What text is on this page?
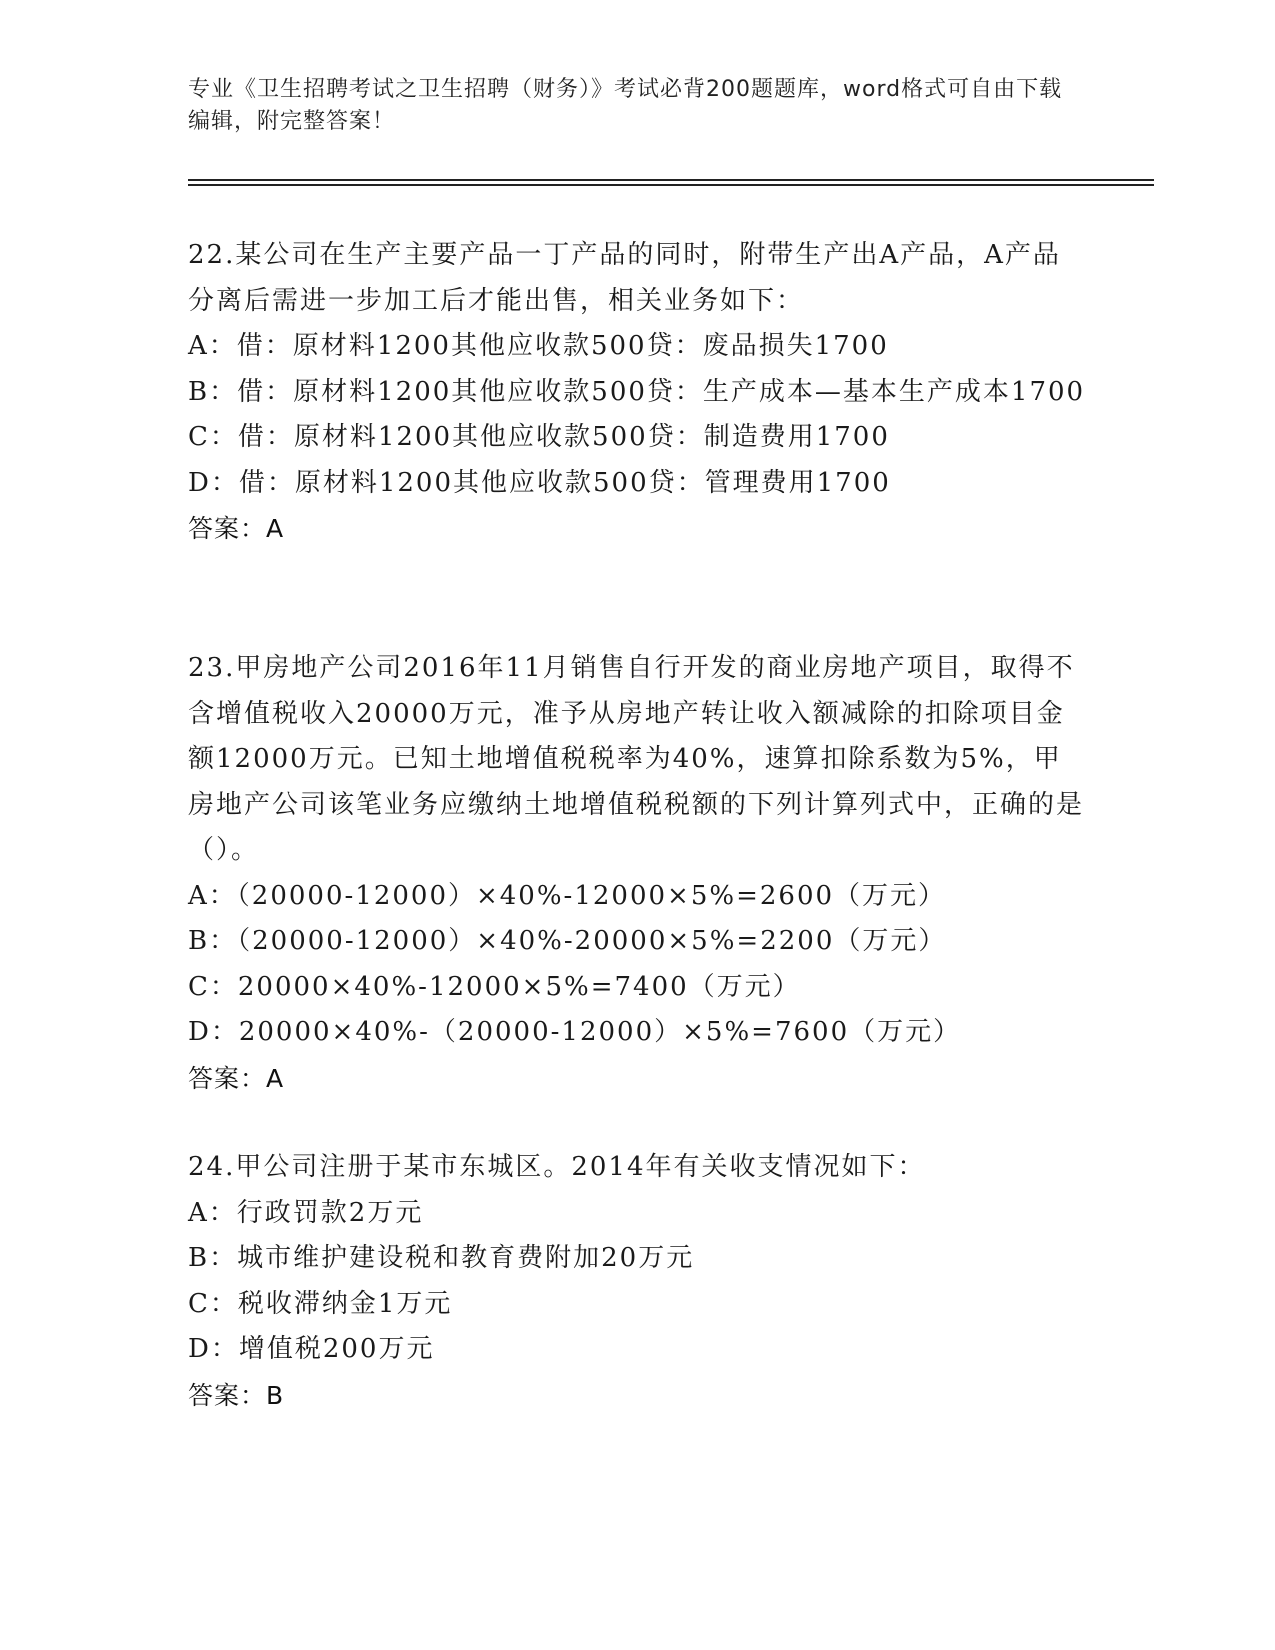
专业《卫生招聘考试之卫生招聘（财务）》考试必背200题题库，word格式可自由下载编辑，附完整答案！
22.某公司在生产主要产品一丁产品的同时，附带生产出A产品，A产品分离后需进一步加工后才能出售，相关业务如下：
A：借：原材料1200其他应收款500贷：废品损失1700
B：借：原材料1200其他应收款500贷：生产成本—基本生产成本1700
C：借：原材料1200其他应收款500贷：制造费用1700
D：借：原材料1200其他应收款500贷：管理费用1700
答案：A
23.甲房地产公司2016年11月销售自行开发的商业房地产项目，取得不含增值税收入20000万元，准予从房地产转让收入额减除的扣除项目金额12000万元。已知土地增值税税率为40%，速算扣除系数为5%，甲房地产公司该笔业务应缴纳土地增值税税额的下列计算列式中，正确的是（）。
A：（20000-12000）×40%-12000×5%=2600（万元）
B：（20000-12000）×40%-20000×5%=2200（万元）
C：20000×40%-12000×5%=7400（万元）
D：20000×40%-（20000-12000）×5%=7600（万元）
答案：A
24.甲公司注册于某市东城区。2014年有关收支情况如下：
A：行政罚款2万元
B：城市维护建设税和教育费附加20万元
C：税收滞纳金1万元
D：增值税200万元
答案：B
